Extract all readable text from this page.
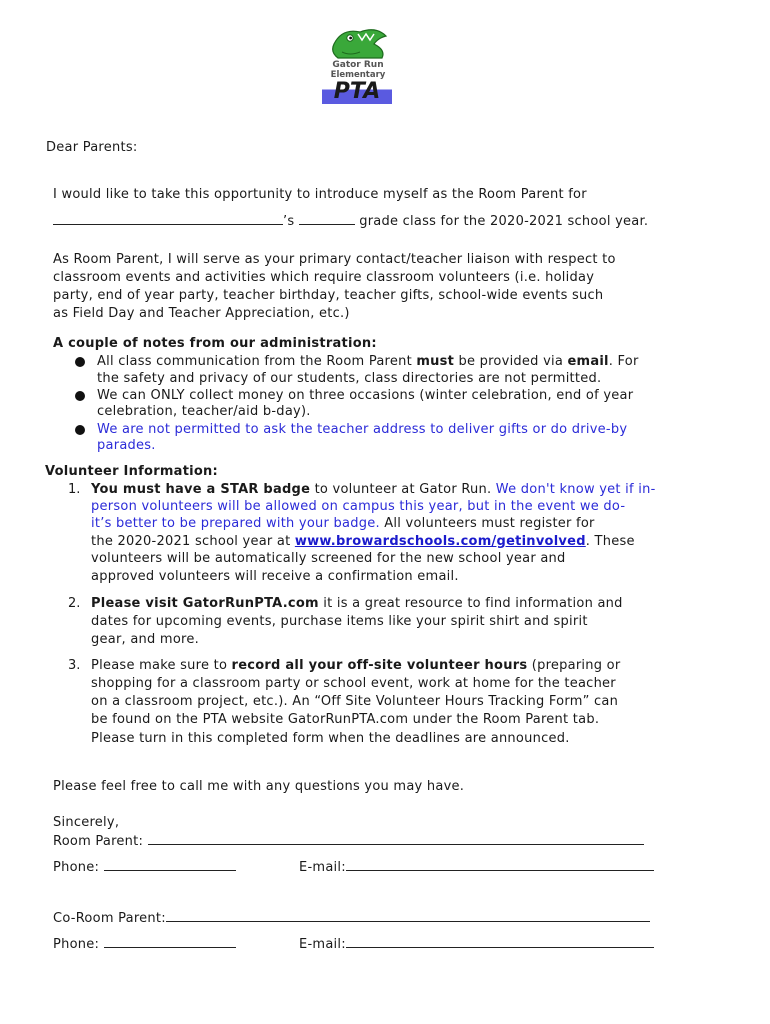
Gator Run
Elementary
PTA

Dear Parents:

I would like to take this opportunity to introduce myself as the Room Parent for

’s	grade class for the 2020-2021 school year.

As Room Parent, I will serve as your primary contact/teacher liaison with respect to

classroom events and activities which require classroom volunteers (i.e. holiday

party, end of year party, teacher birthday, teacher gifts, school-wide events such

as Field Day and Teacher Appreciation, etc.)

A couple of notes from our administration:

All class communication from the Room Parent must be provided via email. For

the safety and privacy of our students, class directories are not permitted.

We can ONLY collect money on three occasions (winter celebration, end of year

celebration, teacher/aid b-day).

We are not permitted to ask the teacher address to deliver gifts or do drive-by

parades.

Volunteer Information:

1. You must have a STAR badge to volunteer at Gator Run. We don't know yet if in-

person volunteers will be allowed on campus this year, but in the event we do-

it’s better to be prepared with your badge. All volunteers must register for

the 2020-2021 school year at www.browardschools.com/getinvolved. These

volunteers will be automatically screened for the new school year and

approved volunteers will receive a confirmation email.

2. Please visit GatorRunPTA.com it is a great resource to find information and

dates for upcoming events, purchase items like your spirit shirt and spirit

gear, and more.

3. Please make sure to record all your off-site volunteer hours (preparing or

shopping for a classroom party or school event, work at home for the teacher

on a classroom project, etc.). An “Off Site Volunteer Hours Tracking Form” can

be found on the PTA website GatorRunPTA.com under the Room Parent tab.

Please turn in this completed form when the deadlines are announced.

Please feel free to call me with any questions you may have.

Sincerely,

Room Parent:

Phone:	E-mail:

Co-Room Parent:

Phone:	E-mail:
